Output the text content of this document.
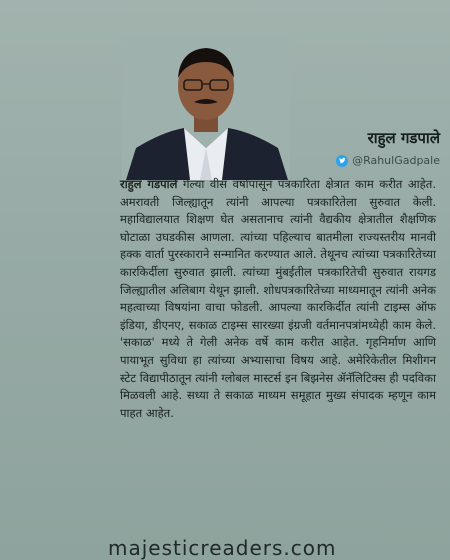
राहुल गडपाले
@RahulGadpale
राहुल गडपाले गेल्या वीस वर्षांपासून पत्रकारिता क्षेत्रात काम करीत आहेत. अमरावती जिल्ह्यातून त्यांनी आपल्या पत्रकारितेला सुरुवात केली. महाविद्यालयात शिक्षण घेत असतानाच त्यांनी वैद्यकीय क्षेत्रातील शैक्षणिक घोटाळा उघडकीस आणला. त्यांच्या पहिल्याच बातमीला राज्यस्तरीय मानवी हक्क वार्ता पुरस्काराने सन्मानित करण्यात आले. तेथूनच त्यांच्या पत्रकारितेच्या कारकिर्दीला सुरुवात झाली. त्यांच्या मुंबईतील पत्रकारितेची सुरुवात रायगड जिल्ह्यातील अलिबाग येथून झाली. शोधपत्रकारितेच्या माध्यमातून त्यांनी अनेक महत्वाच्या विषयांना वाचा फोडली. आपल्या कारकिर्दीत त्यांनी टाइम्स ऑफ इंडिया, डीएनए, सकाळ टाइम्स सारख्या इंग्रजी वर्तमानपत्रांमध्येही काम केले. 'सकाळ' मध्ये ते गेली अनेक वर्षे काम करीत आहेत. गृहनिर्माण आणि पायाभूत सुविधा हा त्यांच्या अभ्यासाचा विषय आहे. अमेरिकेतील मिशीगन स्टेट विद्यापीठातून त्यांनी ग्लोबल मास्टर्स इन बिझनेस ॲनॅलिटिक्स ही पदविका मिळवली आहे. सध्या ते सकाळ माध्यम समूहात मुख्य संपादक म्हणून काम पाहत आहेत.
majesticreaders.com
